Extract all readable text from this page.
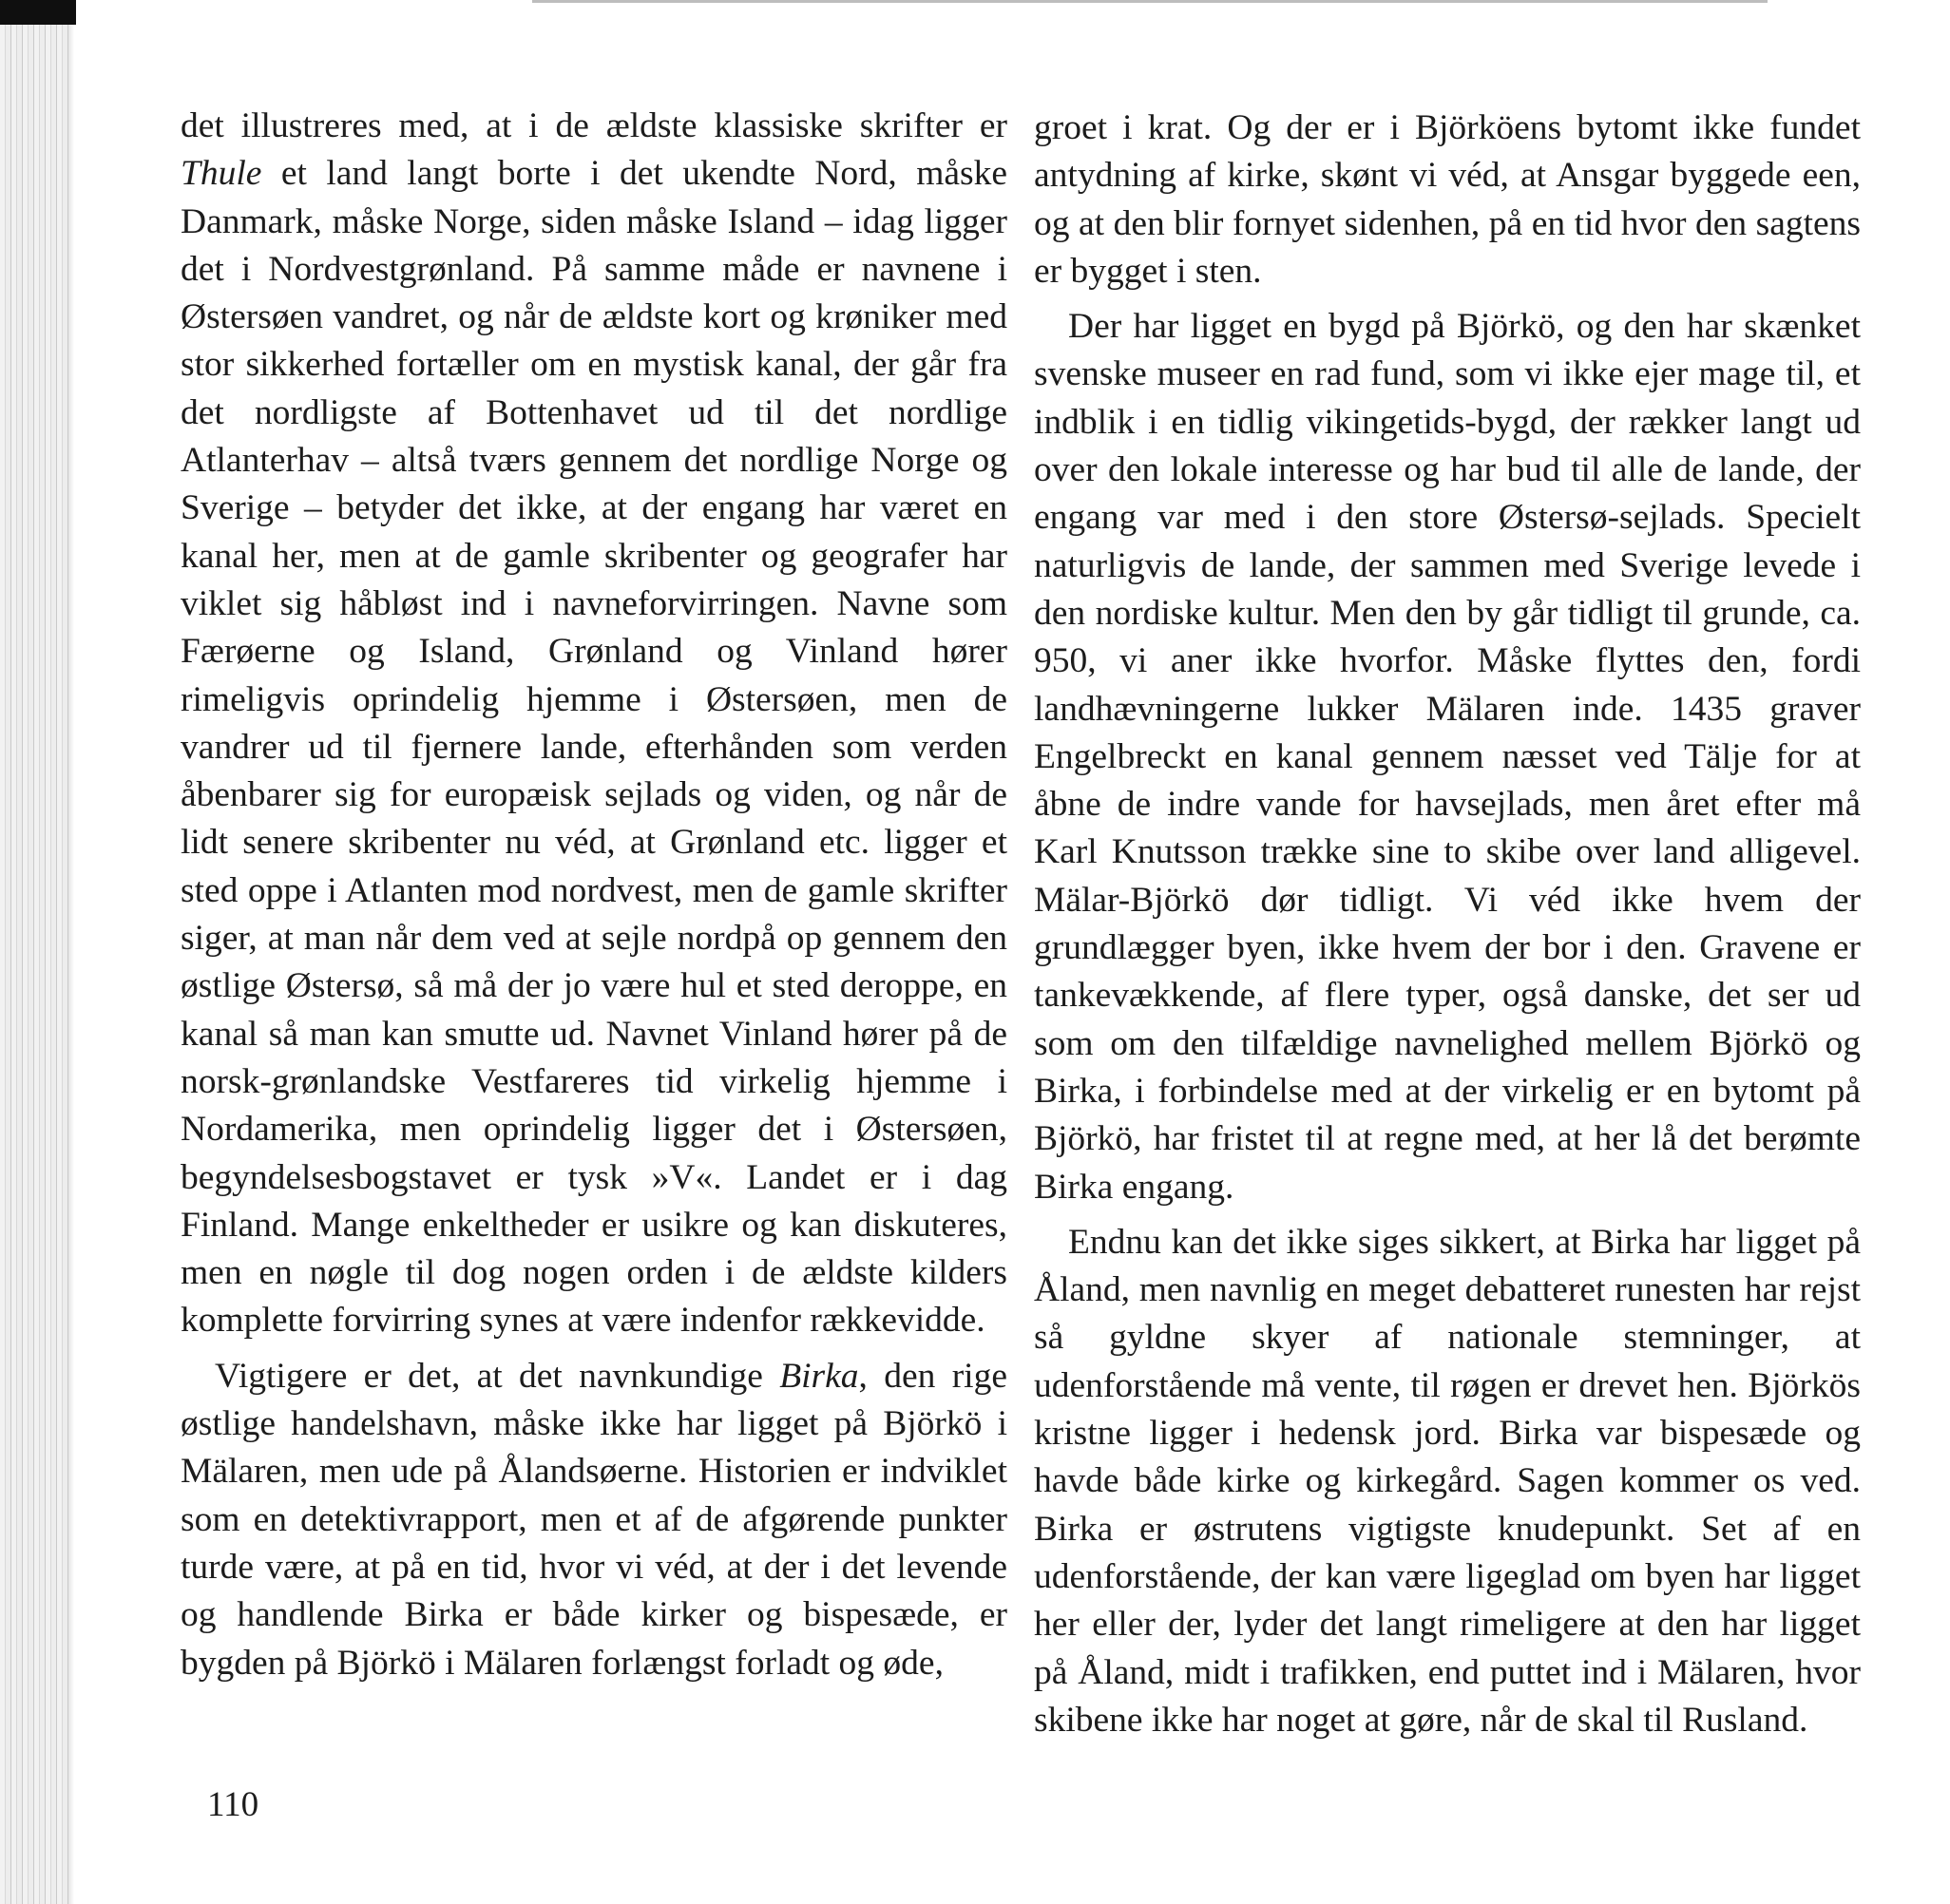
det illustreres med, at i de ældste klassiske skrifter er Thule et land langt borte i det ukendte Nord, måske Danmark, måske Norge, siden måske Island – idag ligger det i Nordvestgrønland. På samme måde er navnene i Østersøen vandret, og når de ældste kort og krøniker med stor sikkerhed fortæller om en mystisk kanal, der går fra det nordligste af Bottenhavet ud til det nordlige Atlanterhav – altså tværs gennem det nordlige Norge og Sverige – betyder det ikke, at der engang har været en kanal her, men at de gamle skribenter og geografer har viklet sig håbløst ind i navneforvirringen. Navne som Færøerne og Island, Grønland og Vinland hører rimeligvis oprindelig hjemme i Østersøen, men de vandrer ud til fjernere lande, efterhånden som verden åbenbarer sig for europæisk sejlads og viden, og når de lidt senere skribenter nu véd, at Grønland etc. ligger et sted oppe i Atlanten mod nordvest, men de gamle skrifter siger, at man når dem ved at sejle nordpå op gennem den østlige Østersø, så må der jo være hul et sted deroppe, en kanal så man kan smutte ud. Navnet Vinland hører på de norsk-grønlandske Vestfareres tid virkelig hjemme i Nordamerika, men oprindelig ligger det i Østersøen, begyndelsesbogstavet er tysk »V«. Landet er i dag Finland. Mange enkeltheder er usikre og kan diskuteres, men en nøgle til dog nogen orden i de ældste kilders komplette forvirring synes at være indenfor rækkevidde.

Vigtigere er det, at det navnkundige Birka, den rige østlige handelshavn, måske ikke har ligget på Björkö i Mälaren, men ude på Ålandsøerne. Historien er indviklet som en detektivrapport, men et af de afgørende punkter turde være, at på en tid, hvor vi véd, at der i det levende og handlende Birka er både kirker og bispesæde, er bygden på Björkö i Mälaren forlængst forladt og øde,

groet i krat. Og der er i Björköens bytomt ikke fundet antydning af kirke, skønt vi véd, at Ansgar byggede een, og at den blir fornyet sidenhen, på en tid hvor den sagtens er bygget i sten.

Der har ligget en bygd på Björkö, og den har skænket svenske museer en rad fund, som vi ikke ejer mage til, et indblik i en tidlig vikingetids-bygd, der rækker langt ud over den lokale interesse og har bud til alle de lande, der engang var med i den store Østersø-sejlads. Specielt naturligvis de lande, der sammen med Sverige levede i den nordiske kultur. Men den by går tidligt til grunde, ca. 950, vi aner ikke hvorfor. Måske flyttes den, fordi landhævningerne lukker Mälaren inde. 1435 graver Engelbreckt en kanal gennem næsset ved Tälje for at åbne de indre vande for havsejlads, men året efter må Karl Knutsson trække sine to skibe over land alligevel. Mälar-Björkö dør tidligt. Vi véd ikke hvem der grundlægger byen, ikke hvem der bor i den. Gravene er tankevækkende, af flere typer, også danske, det ser ud som om den tilfældige navnelighed mellem Björkö og Birka, i forbindelse med at der virkelig er en bytomt på Björkö, har fristet til at regne med, at her lå det berømte Birka engang.

Endnu kan det ikke siges sikkert, at Birka har ligget på Åland, men navnlig en meget debatteret runesten har rejst så gyldne skyer af nationale stemninger, at udenforstående må vente, til røgen er drevet hen. Björkös kristne ligger i hedensk jord. Birka var bispesæde og havde både kirke og kirkegård. Sagen kommer os ved. Birka er østrutens vigtigste knudepunkt. Set af en udenforstående, der kan være ligeglad om byen har ligget her eller der, lyder det langt rimeligere at den har ligget på Åland, midt i trafikken, end puttet ind i Mälaren, hvor skibene ikke har noget at gøre, når de skal til Rusland.

110
